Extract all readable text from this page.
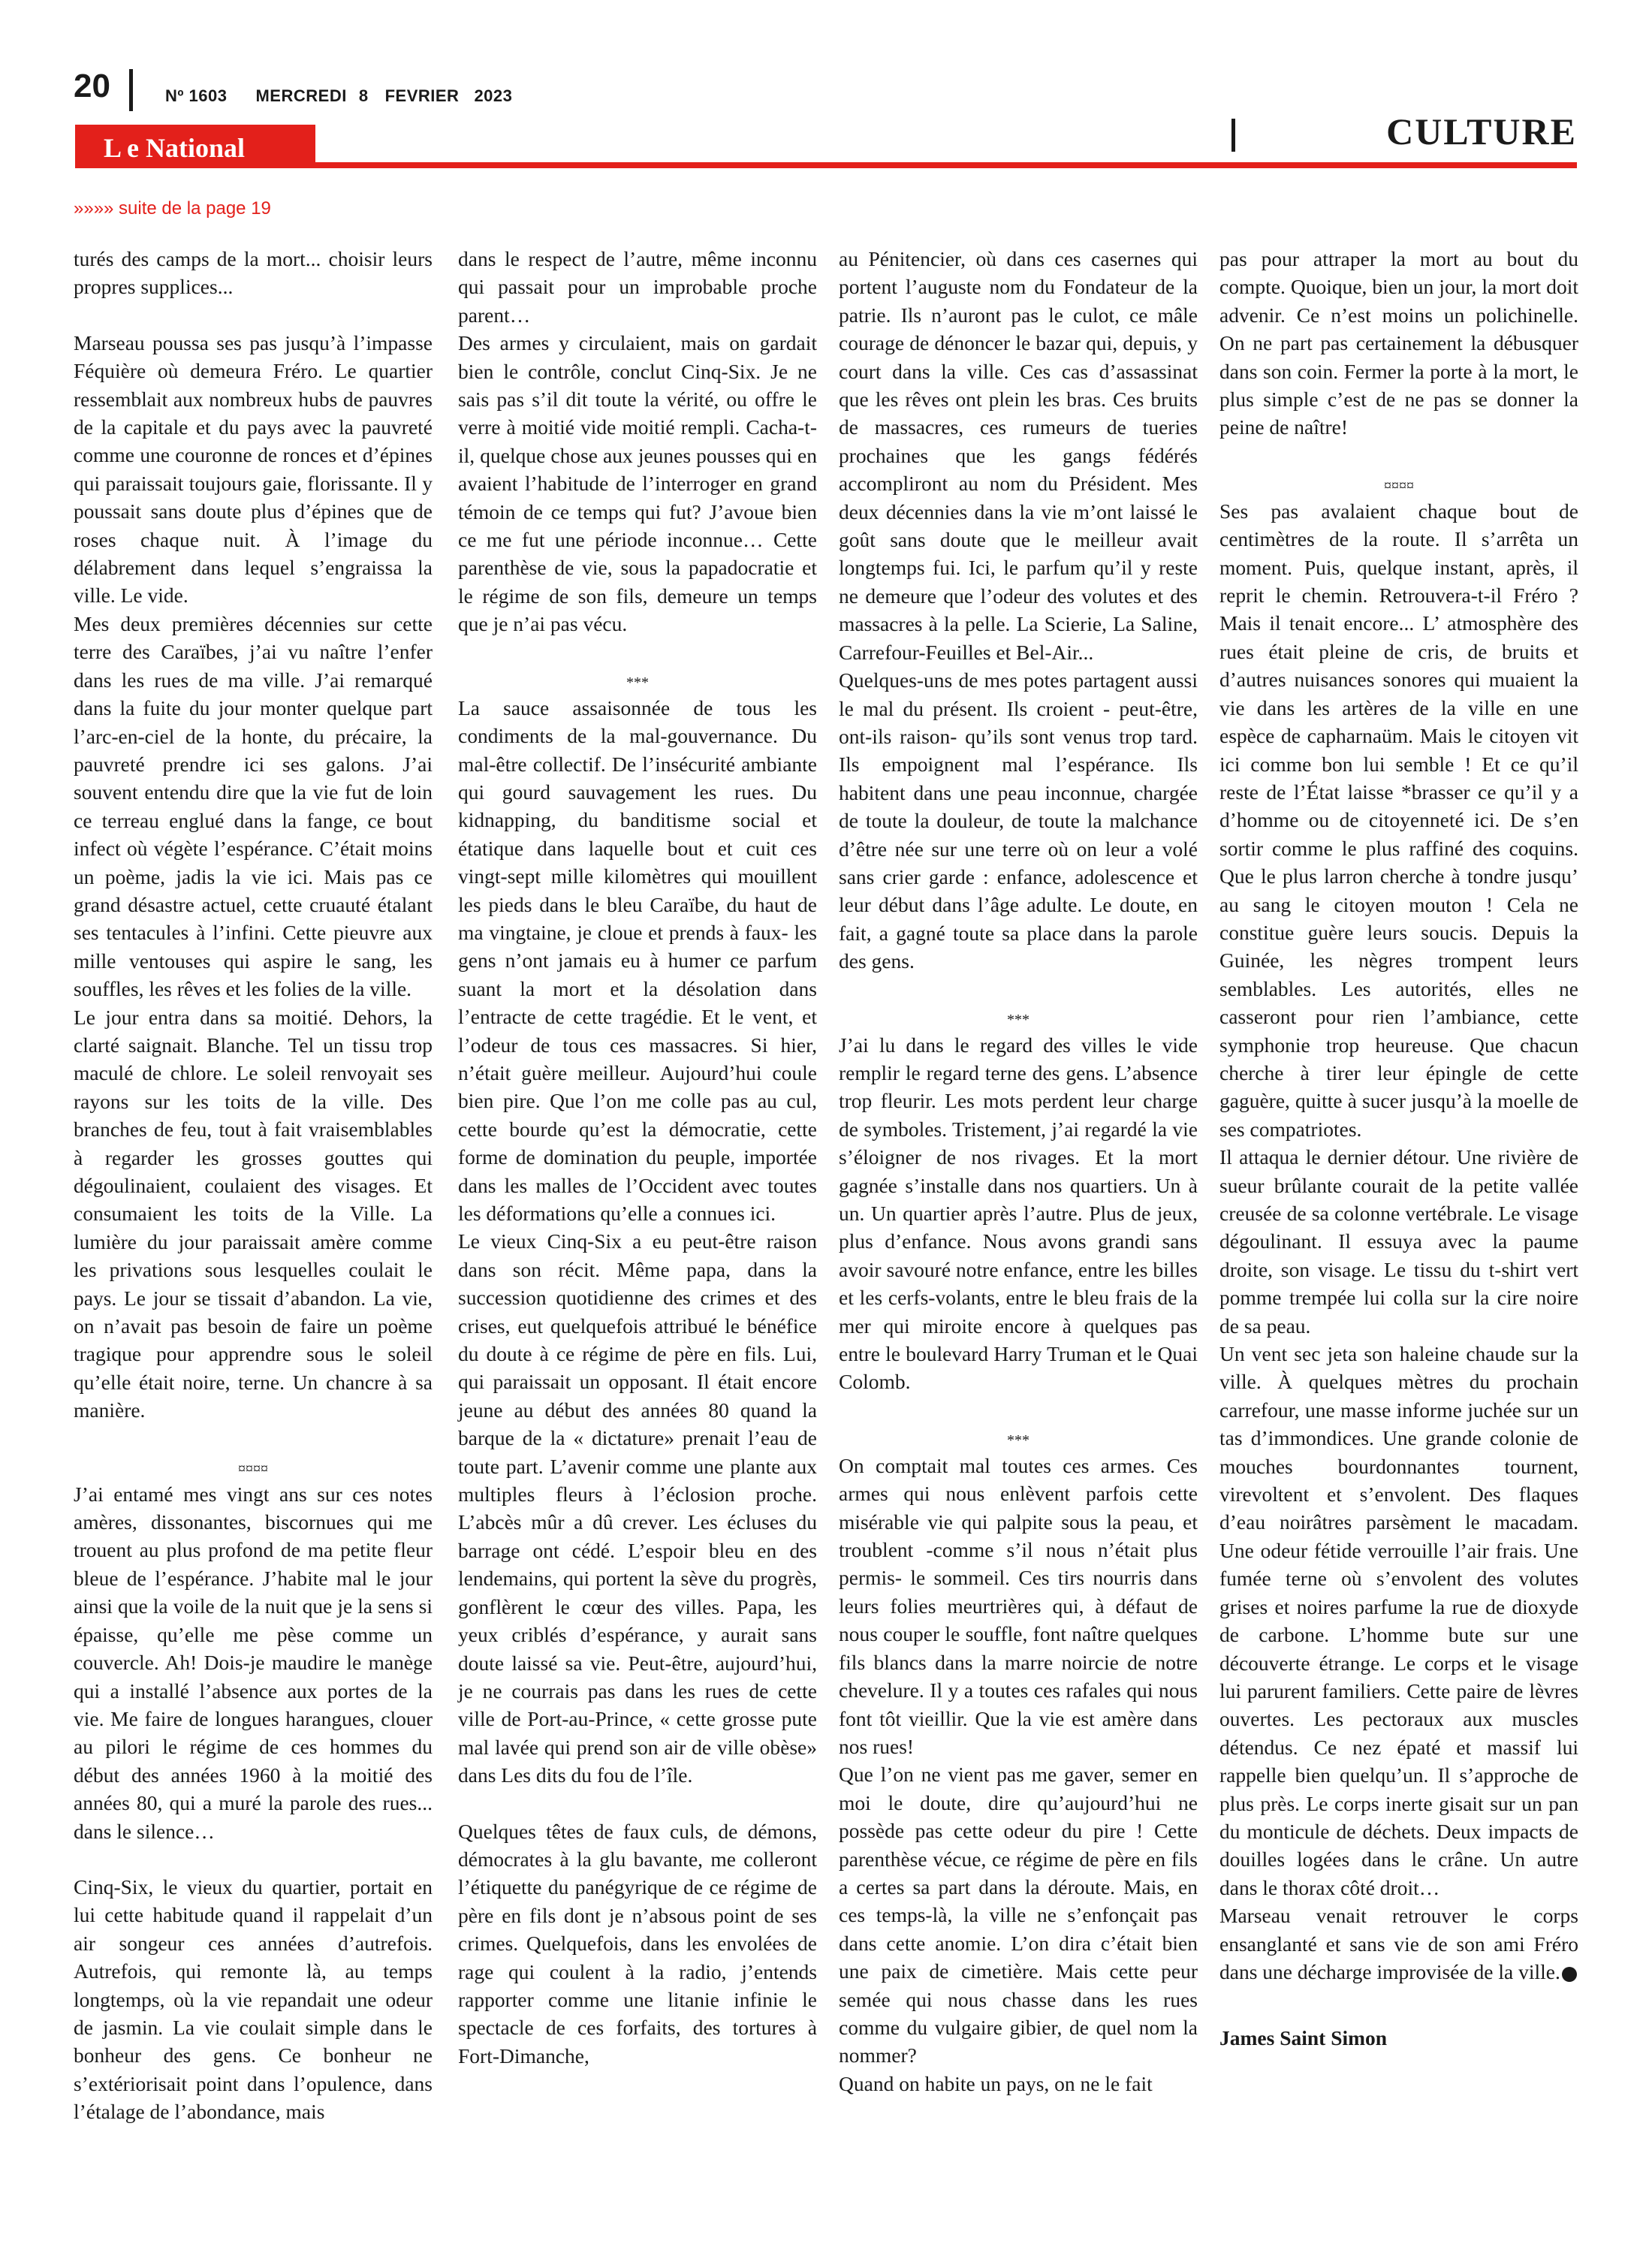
20	Nº 1603 MERCREDI 8 FEVRIER 2023
L e National	CULTURE
»»»» suite de la page 19

turés des camps de la mort... choisir leurs propres supplices...

Marseau poussa ses pas jusqu’à l’impasse Féquière où demeura Fréro. Le quartier ressemblait aux nombreux hubs de pauvres de la capitale et du pays avec la pauvreté comme une couronne de ronces et d’épines qui paraissait toujours gaie, florissante. Il y poussait sans doute plus d’épines que de roses chaque nuit. À l’image du délabrement dans lequel s’engraissa la ville. Le vide.

Mes deux premières décennies sur cette terre des Caraïbes, j’ai vu naître l’enfer dans les rues de ma ville. J’ai remarqué dans la fuite du jour monter quelque part l’arc-en-ciel de la honte, du précaire, la pauvreté prendre ici ses galons. J’ai souvent entendu dire que la vie fut de loin ce terreau englué dans la fange, ce bout infect où végète l’espérance. C’était moins un poème, jadis la vie ici. Mais pas ce grand désastre actuel, cette cruauté étalant ses tentacules à l’infini. Cette pieuvre aux mille ventouses qui aspire le sang, les souffles, les rêves et les folies de la ville.

Le jour entra dans sa moitié. Dehors, la clarté saignait. Blanche. Tel un tissu trop maculé de chlore. Le soleil renvoyait ses rayons sur les toits de la ville. Des branches de feu, tout à fait vraisemblables à regarder les grosses gouttes qui dégoulinaient, coulaient des visages. Et consumaient les toits de la Ville. La lumière du jour paraissait amère comme les privations sous lesquelles coulait le pays. Le jour se tissait d’abandon. La vie, on n’avait pas besoin de faire un poème tragique pour apprendre sous le soleil qu’elle était noire, terne. Un chancre à sa manière.

¤¤¤¤

J’ai entamé mes vingt ans sur ces notes amères, dissonantes, biscornues qui me trouent au plus profond de mа petite fleur bleue de l’espérance. J’habite mal le jour ainsi que la voile de la nuit que je la sens si épaisse, qu’elle me pèse comme un couvercle. Ah! Dois-je maudire le manège qui a installé l’absence aux portes de la vie. Me faire de longues harangues, clouer au pilori le régime de ces hommes du début des années 1960 à la moitié des années 80, qui a muré la parole des rues... dans le silence…

Cinq-Six, le vieux du quartier, portait en lui cette habitude quand il rappelait d’un air songeur ces années d’autrefois. Autrefois, qui remonte là, au temps longtemps, où la vie repandait une odeur de jasmin. La vie coulait simple dans le bonheur des gens. Ce bonheur ne s’extériorisait point dans l’opulence, dans l’étalage de l’abondance, mais

dans le respect de l’autre, même inconnu qui passait pour un improbable proche parent…

Des armes y circulaient, mais on gardait bien le contrôle, conclut Cinq-Six. Je ne sais pas s’il dit toute la vérité, ou offre le verre à moitié vide moitié rempli. Cacha-t-il, quelque chose aux jeunes pousses qui en avaient l’habitude de l’interroger en grand témoin de ce temps qui fut? J’avoue bien ce me fut une période inconnue… Cette parenthèse de vie, sous la papadocratie et le régime de son fils, demeure un temps que je n’ai pas vécu.

***

La sauce assaisonnée de tous les condiments de la mal-gouvernance. Du mal-être collectif. De l’insécurité ambiante qui gourd sauvagement les rues. Du kidnapping, du banditisme social et étatique dans laquelle bout et cuit ces vingt-sept mille kilomètres qui mouillent les pieds dans le bleu Caraïbe, du haut de ma vingtaine, je cloue et prends à faux- les gens n’ont jamais eu à humer ce parfum suant la mort et la désolation dans l’entracte de cette tragédie. Et le vent, et l’odeur de tous ces massacres. Si hier, n’était guère meilleur. Aujourd’hui coule bien pire. Que l’on me colle pas au cul, cette bourde qu’est la démocratie, cette forme de domination du peuple, importée dans les malles de l’Occident avec toutes les déformations qu’elle a connues ici.

Le vieux Cinq-Six a eu peut-être raison dans son récit. Même papa, dans la succession quotidienne des crimes et des crises, eut quelquefois attribué le bénéfice du doute à ce régime de père en fils. Lui, qui paraissait un opposant. Il était encore jeune au début des années 80 quand la barque de la « dictature» prenait l’eau de toute part. L’avenir comme une plante aux multiples fleurs à l’éclosion proche. L’abcès mûr a dû crever. Les écluses du barrage ont cédé. L’espoir bleu en des lendemains, qui portent la sève du progrès, gonflèrent le cœur des villes. Papa, les yeux criblés d’espérance, y aurait sans doute laissé sa vie. Peut-être, aujourd’hui, je ne courrais pas dans les rues de cette ville de Port-au-Prince, « cette grosse pute mal lavée qui prend son air de ville obèse» dans Les dits du fou de l’île.

Quelques têtes de faux culs, de démons, démocrates à la glu bavante, me colleront l’étiquette du panégyrique de ce régime de père en fils dont je n’absous point de ses crimes. Quelquefois, dans les envolées de rage qui coulent à la radio, j’entends rapporter comme une litanie infinie le spectacle de ces forfaits, des tortures à Fort-Dimanche,

au Pénitencier, où dans ces casernes qui portent l’auguste nom du Fondateur de la patrie. Ils n’auront pas le culot, ce mâle courage de dénoncer le bazar qui, depuis, y court dans la ville. Ces cas d’assassinat que les rêves ont plein les bras. Ces bruits de massacres, ces rumeurs de tueries prochaines que les gangs fédérés accompliront au nom du Président. Mes deux décennies dans la vie m’ont laissé le goût sans doute que le meilleur avait longtemps fui. Ici, le parfum qu’il y reste ne demeure que l’odeur des volutes et des massacres à la pelle. La Scierie, La Saline, Carrefour-Feuilles et Bel-Air...

Quelques-uns de mes potes partagent aussi le mal du présent. Ils croient - peut-être, ont-ils raison- qu’ils sont venus trop tard. Ils empoignent mal l’espérance. Ils habitent dans une peau inconnue, chargée de toute la douleur, de toute la malchance d’être née sur une terre où on leur a volé sans crier garde : enfance, adolescence et leur début dans l’âge adulte. Le doute, en fait, a gagné toute sa place dans la parole des gens.

***

J’ai lu dans le regard des villes le vide remplir le regard terne des gens. L’absence trop fleurir. Les mots perdent leur charge de symboles. Tristement, j’ai regardé la vie s’éloigner de nos rivages. Et la mort gagnée s’installe dans nos quartiers. Un à un. Un quartier après l’autre. Plus de jeux, plus d’enfance. Nous avons grandi sans avoir savouré notre enfance, entre les billes et les cerfs-volants, entre le bleu frais de la mer qui miroite encore à quelques pas entre le boulevard Harry Truman et le Quai Colomb.

***

On comptait mal toutes ces armes. Ces armes qui nous enlèvent parfois cette misérable vie qui palpite sous la peau, et troublent -comme s’il nous n’était plus permis- le sommeil. Ces tirs nourris dans leurs folies meurtrières qui, à défaut de nous couper le souffle, font naître quelques fils blancs dans la marre noircie de notre chevelure. Il y a toutes ces rafales qui nous font tôt vieillir. Que la vie est amère dans nos rues!

Que l’on ne vient pas me gaver, semer en moi le doute, dire qu’aujourd’hui ne possède pas cette odeur du pire ! Cette parenthèse vécue, ce régime de père en fils a certes sa part dans la déroute. Mais, en ces temps-là, la ville ne s’enfonçait pas dans cette anomie. L’on dira c’était bien une paix de cimetière. Mais cette peur semée qui nous chasse dans les rues comme du vulgaire gibier, de quel nom la nommer?

Quand on habite un pays, on ne le fait

pas pour attraper la mort au bout du compte. Quoique, bien un jour, la mort doit advenir. Ce n’est moins un polichinelle. On ne part pas certainement la débusquer dans son coin. Fermer la porte à la mort, le plus simple c’est de ne pas se donner la peine de naître!

¤¤¤¤

Ses pas avalaient chaque bout de centimètres de la route. Il s’arrêta un moment. Puis, quelque instant, après, il reprit le chemin. Retrouvera-t-il Fréro ? Mais il tenait encore... L’ atmosphère des rues était pleine de cris, de bruits et d’autres nuisances sonores qui muaient la vie dans les artères de la ville en une espèce de capharnaüm. Mais le citoyen vit ici comme bon lui semble ! Et ce qu’il reste de l’État laisse *brasser ce qu’il y a d’homme ou de citoyenneté ici. De s’en sortir comme le plus raffiné des coquins. Que le plus larron cherche à tondre jusqu’ au sang le citoyen mouton ! Cela ne constitue guère leurs soucis. Depuis la Guinée, les nègres trompent leurs semblables. Les autorités, elles ne casseront pour rien l’ambiance, cette symphonie trop heureuse. Que chacun cherche à tirer leur épingle de cette gaguère, quitte à sucer jusqu’à la moelle de ses compatriotes.

Il attaqua le dernier détour. Une rivière de sueur brûlante courait de la petite vallée creusée de sa colonne vertébrale. Le visage dégoulinant. Il essuya avec la paume droite, son visage. Le tissu du t-shirt vert pomme trempée lui colla sur la cire noire de sa peau.

Un vent sec jeta son haleine chaude sur la ville. À quelques mètres du prochain carrefour, une masse informe juchée sur un tas d’immondices. Une grande colonie de mouches bourdonnantes tournent, virevoltent et s’envolent. Des flaques d’eau noirâtres parsèment le macadam. Une odeur fétide verrouille l’air frais. Une fumée terne où s’envolent des volutes grises et noires parfume la rue de dioxyde de carbone. L’homme bute sur une découverte étrange. Le corps et le visage lui parurent familiers. Cette paire de lèvres ouvertes. Les pectoraux aux muscles détendus. Ce nez épaté et massif lui rappelle bien quelqu’un. Il s’approche de plus près. Le corps inerte gisait sur un pan du monticule de déchets. Deux impacts de douilles logées dans le crâne. Un autre dans le thorax côté droit…

Marseau venait retrouver le corps ensanglanté et sans vie de son ami Fréro dans une décharge improvisée de la ville.

James Saint Simon
